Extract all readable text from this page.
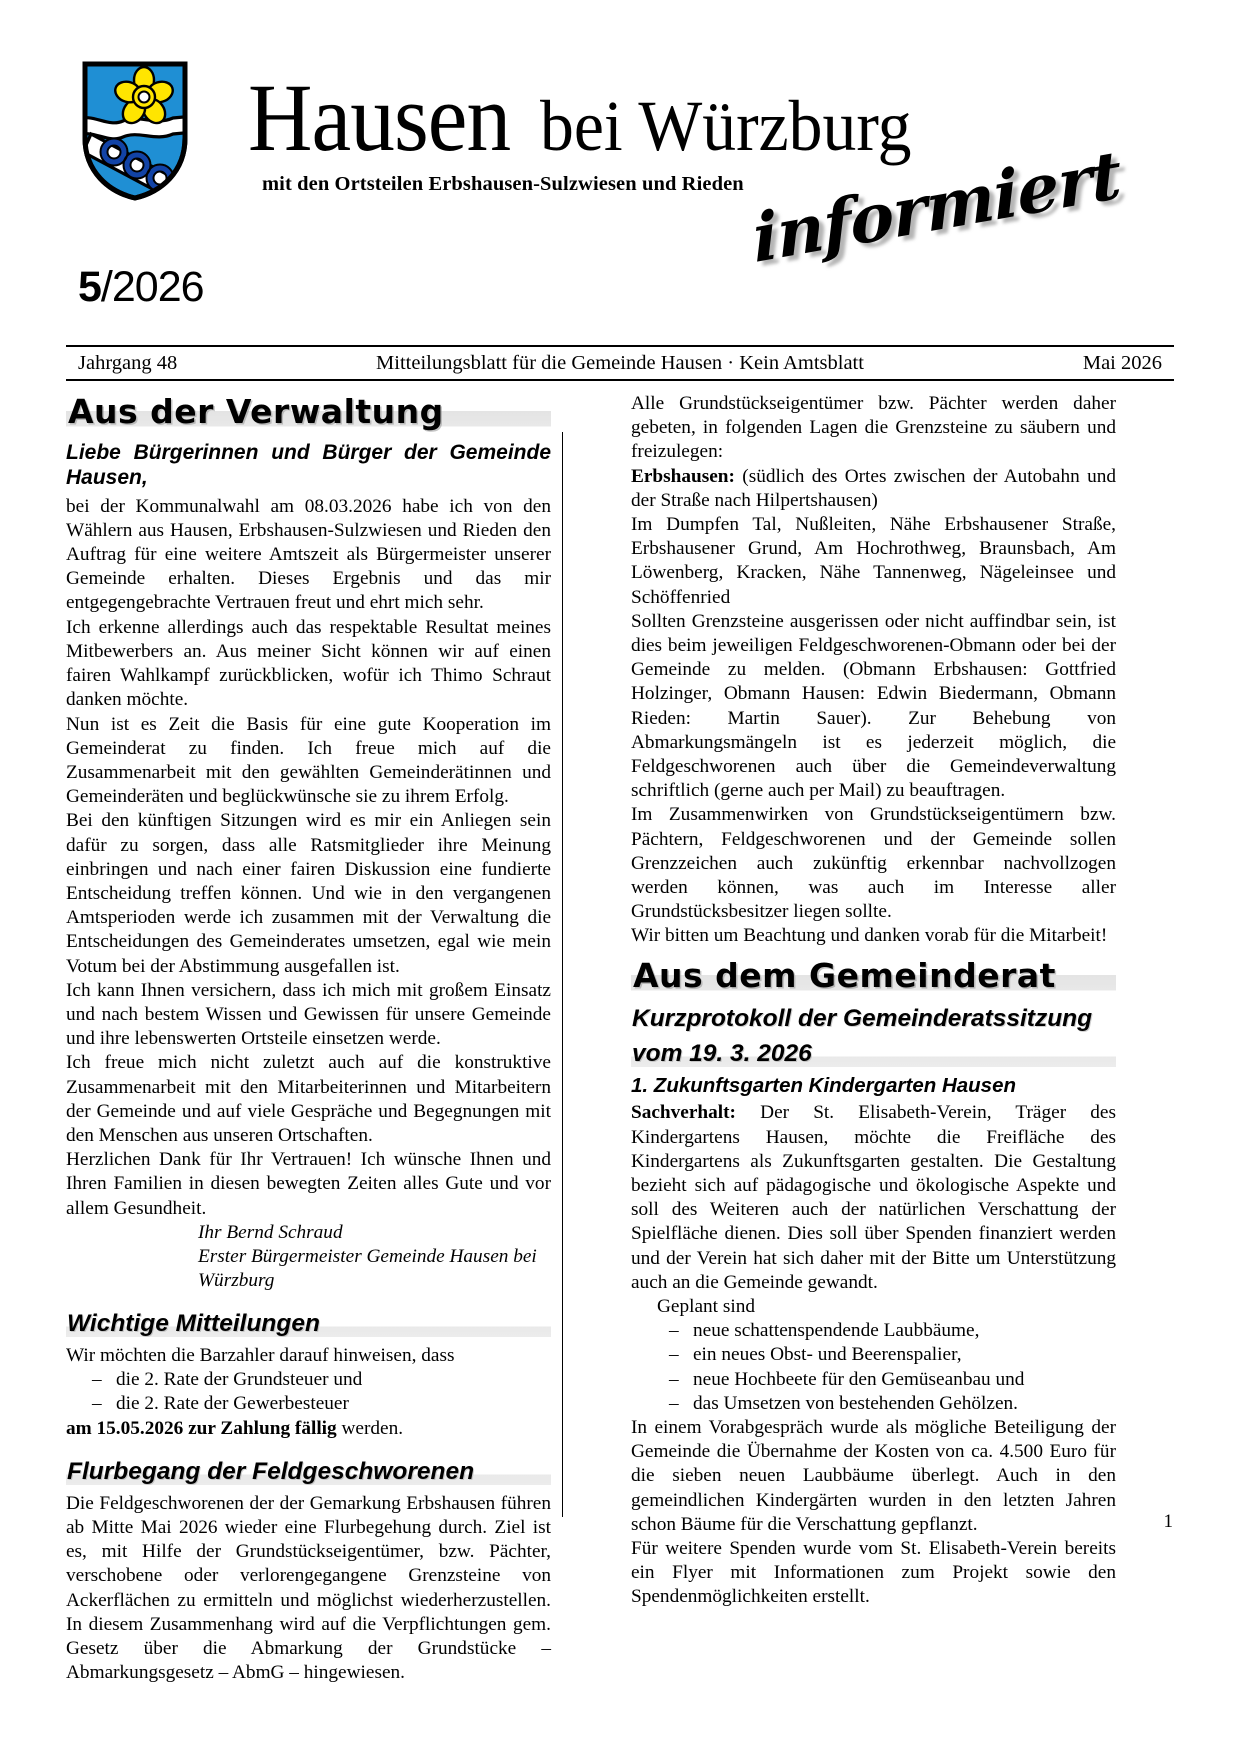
5/2026
Hausen bei Würzburg
mit den Ortsteilen Erbshausen-Sulzwiesen und Rieden informiert
Jahrgang 48	Mitteilungsblatt für die Gemeinde Hausen · Kein Amtsblatt	Mai 2026
Aus der Verwaltung
Liebe Bürgerinnen und Bürger der Gemeinde Hausen,

bei der Kommunalwahl am 08.03.2026 habe ich von den Wählern aus Hausen, Erbshausen-Sulzwiesen und Rieden den Auftrag für eine weitere Amtszeit als Bürgermeister unserer Gemeinde erhalten. Dieses Ergebnis und das mir entgegengebrachte Vertrauen freut und ehrt mich sehr.

Ich erkenne allerdings auch das respektable Resultat meines Mitbewerbers an. Aus meiner Sicht können wir auf einen fairen Wahlkampf zurückblicken, wofür ich Thimo Schraut danken möchte.

Nun ist es Zeit die Basis für eine gute Kooperation im Gemeinderat zu finden. Ich freue mich auf die Zusammenarbeit mit den gewählten Gemeinderätinnen und Gemeinderäten und beglückwünsche sie zu ihrem Erfolg.

Bei den künftigen Sitzungen wird es mir ein Anliegen sein dafür zu sorgen, dass alle Ratsmitglieder ihre Meinung einbringen und nach einer fairen Diskussion eine fundierte Entscheidung treffen können. Und wie in den vergangenen Amtsperioden werde ich zusammen mit der Verwaltung die Entscheidungen des Gemeinderates umsetzen, egal wie mein Votum bei der Abstimmung ausgefallen ist.

Ich kann Ihnen versichern, dass ich mich mit großem Einsatz und nach bestem Wissen und Gewissen für unsere Gemeinde und ihre lebenswerten Ortsteile einsetzen werde.

Ich freue mich nicht zuletzt auch auf die konstruktive Zusammenarbeit mit den Mitarbeiterinnen und Mitarbeitern der Gemeinde und auf viele Gespräche und Begegnungen mit den Menschen aus unseren Ortschaften.

Herzlichen Dank für Ihr Vertrauen! Ich wünsche Ihnen und Ihren Familien in diesen bewegten Zeiten alles Gute und vor allem Gesundheit.

Ihr Bernd Schraud
Erster Bürgermeister Gemeinde Hausen bei Würzburg
Wichtige Mitteilungen

Wir möchten die Barzahler darauf hinweisen, dass

– die 2. Rate der Grundsteuer und
– die 2. Rate der Gewerbesteuer

am 15.05.2026 zur Zahlung fällig werden.

Flurbegang der Feldgeschworenen

Die Feldgeschworenen der der Gemarkung Erbshausen führen ab Mitte Mai 2026 wieder eine Flurbegehung durch. Ziel ist es, mit Hilfe der Grundstückseigentümer, bzw. Pächter, verschobene oder verlorengegangene Grenzsteine von Ackerflächen zu ermitteln und möglichst wiederherzustellen. In diesem Zusammenhang wird auf die Verpflichtungen gem. Gesetz über die Abmarkung der Grundstücke – Abmarkungsgesetz – AbmG – hingewiesen.

Alle Grundstückseigentümer bzw. Pächter werden daher gebeten, in folgenden Lagen die Grenzsteine zu säubern und freizulegen:

Erbshausen: (südlich des Ortes zwischen der Autobahn und der Straße nach Hilpertshausen)

Im Dumpfen Tal, Nußleiten, Nähe Erbshausener Straße, Erbshausener Grund, Am Hochrothweg, Braunsbach, Am Löwenberg, Kracken, Nähe Tannenweg, Nägeleinsee und Schöffenried

Sollten Grenzsteine ausgerissen oder nicht auffindbar sein, ist dies beim jeweiligen Feldgeschworenen-Obmann oder bei der Gemeinde zu melden. (Obmann Erbshausen: Gottfried Holzinger, Obmann Hausen: Edwin Biedermann, Obmann Rieden: Martin Sauer). Zur Behebung von Abmarkungsmängeln ist es jederzeit möglich, die Feldgeschworenen auch über die Gemeindeverwaltung schriftlich (gerne auch per Mail) zu beauftragen.

Im Zusammenwirken von Grundstückseigentümern bzw. Pächtern, Feldgeschworenen und der Gemeinde sollen Grenzzeichen auch zukünftig erkennbar nachvollzogen werden können, was auch im Interesse aller Grundstücksbesitzer liegen sollte.

Wir bitten um Beachtung und danken vorab für die Mitarbeit!

Aus dem Gemeinderat
Kurzprotokoll der Gemeinderatssitzung
vom 19. 3. 2026
1. Zukunftsgarten Kindergarten Hausen

Sachverhalt: Der St. Elisabeth-Verein, Träger des Kindergartens Hausen, möchte die Freifläche des Kindergartens als Zukunftsgarten gestalten. Die Gestaltung bezieht sich auf pädagogische und ökologische Aspekte und soll des Weiteren auch der natürlichen Verschattung der Spielfläche dienen. Dies soll über Spenden finanziert werden und der Verein hat sich daher mit der Bitte um Unterstützung auch an die Gemeinde gewandt.

Geplant sind

– neue schattenspendende Laubbäume,
– ein neues Obst- und Beerenspalier,
– neue Hochbeete für den Gemüseanbau und
– das Umsetzen von bestehenden Gehölzen.

In einem Vorabgespräch wurde als mögliche Beteiligung der Gemeinde die Übernahme der Kosten von ca. 4.500 Euro für die sieben neuen Laubbäume überlegt. Auch in den gemeindlichen Kindergärten wurden in den letzten Jahren schon Bäume für die Verschattung gepflanzt.

Für weitere Spenden wurde vom St. Elisabeth-Verein bereits ein Flyer mit Informationen zum Projekt sowie den Spendenmöglichkeiten erstellt.

1
